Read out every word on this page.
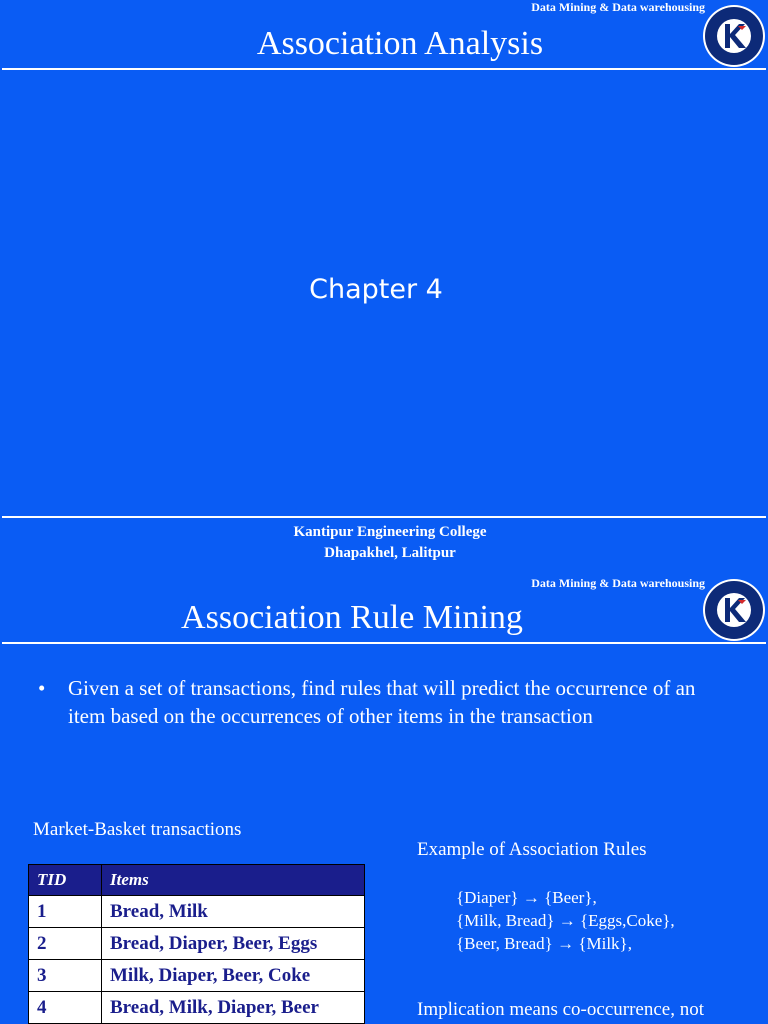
Data Mining & Data warehousing
Association Analysis
Chapter 4
Kantipur Engineering College
Dhapakhel, Lalitpur
Data Mining & Data warehousing
Association Rule Mining
• Given a set of transactions, find rules that will predict the occurrence of an item based on the occurrences of other items in the transaction
Market-Basket transactions
TID	Items
1	Bread, Milk
2	Bread, Diaper, Beer, Eggs
3	Milk, Diaper, Beer, Coke
4	Bread, Milk, Diaper, Beer
Example of Association Rules
{Diaper} → {Beer},
{Milk, Bread} → {Eggs,Coke},
{Beer, Bread} → {Milk},
Implication means co-occurrence, not
